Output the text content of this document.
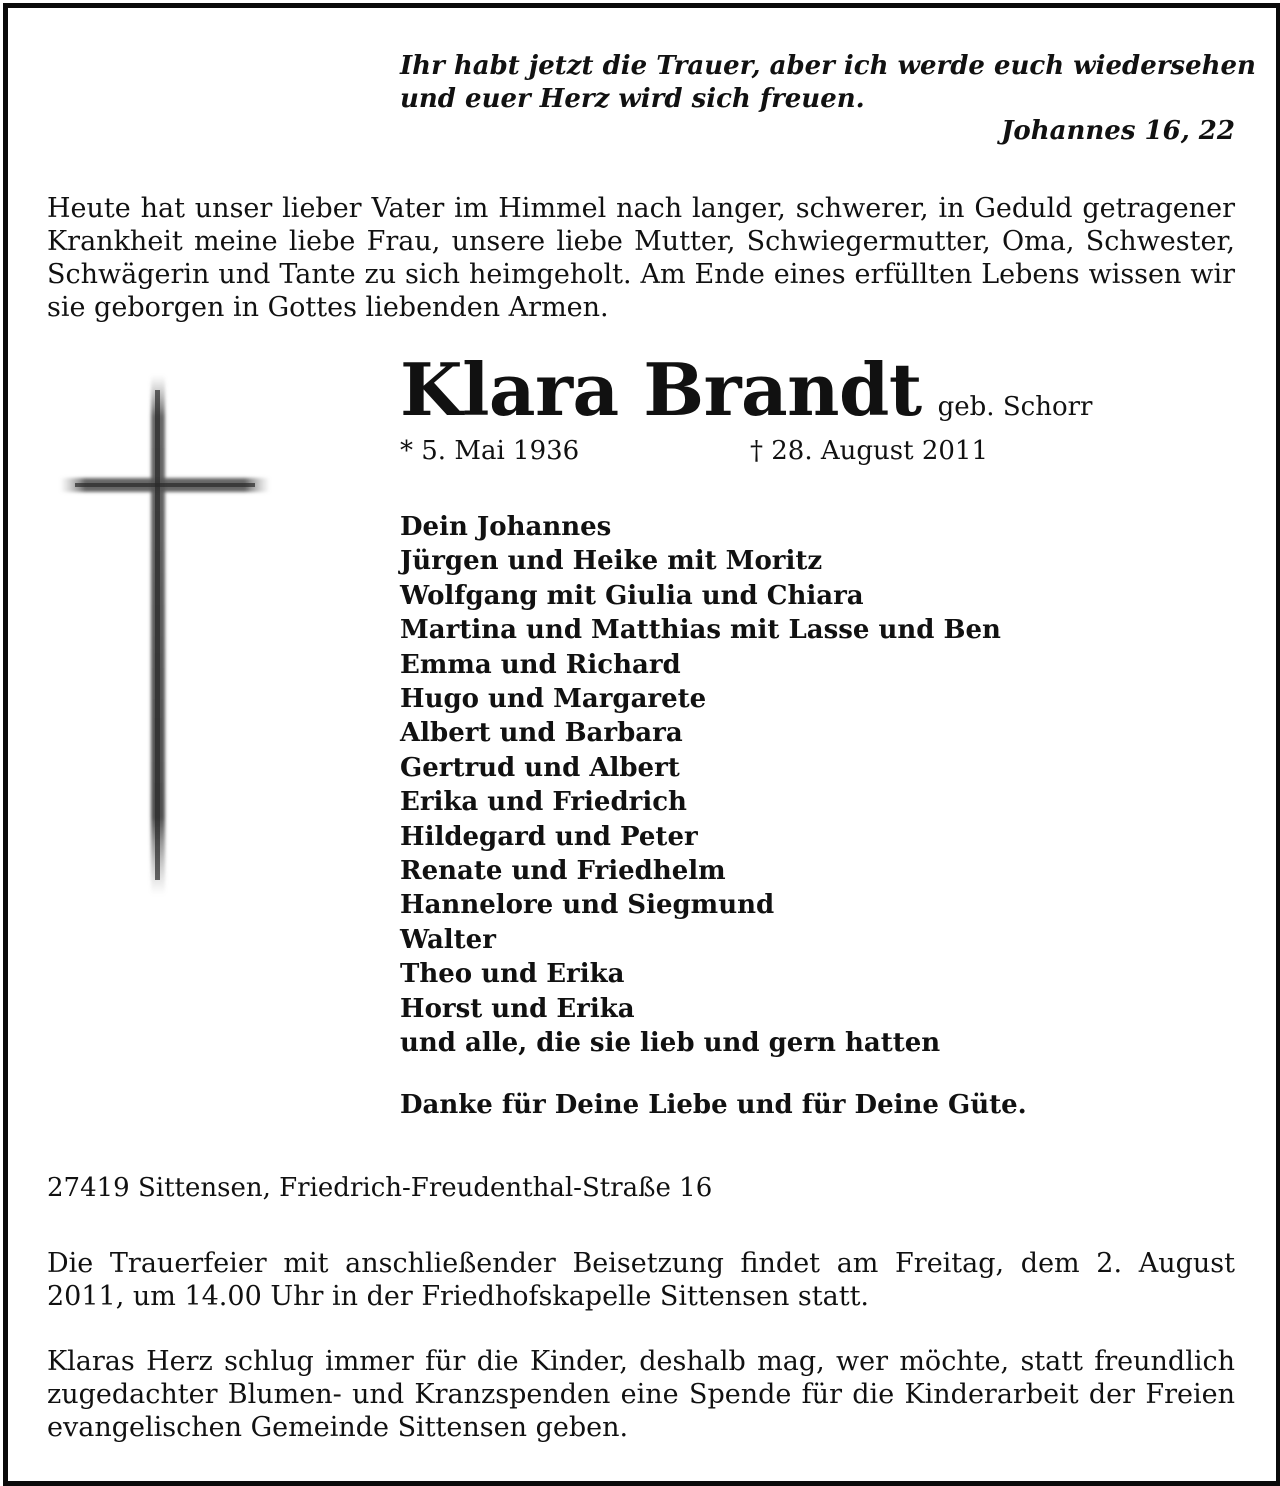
Ihr habt jetzt die Trauer, aber ich werde euch wiedersehen
und euer Herz wird sich freuen.
Johannes 16, 22

Heute hat unser lieber Vater im Himmel nach langer, schwerer, in Geduld getragener Krankheit meine liebe Frau, unsere liebe Mutter, Schwiegermutter, Oma, Schwester, Schwägerin und Tante zu sich heimgeholt. Am Ende eines erfüllten Lebens wissen wir sie geborgen in Gottes liebenden Armen.

Klara Brandt geb. Schorr
* 5. Mai 1936	† 28. August 2011
Dein Johannes
Jürgen und Heike mit Moritz
Wolfgang mit Giulia und Chiara
Martina und Matthias mit Lasse und Ben
Emma und Richard
Hugo und Margarete
Albert und Barbara
Gertrud und Albert
Erika und Friedrich
Hildegard und Peter
Renate und Friedhelm
Hannelore und Siegmund
Walter
Theo und Erika
Horst und Erika
und alle, die sie lieb und gern hatten
Danke für Deine Liebe und für Deine Güte.
27419 Sittensen, Friedrich-Freudenthal-Straße 16

Die Trauerfeier mit anschließender Beisetzung findet am Freitag, dem 2. August 2011, um 14.00 Uhr in der Friedhofskapelle Sittensen statt.

Klaras Herz schlug immer für die Kinder, deshalb mag, wer möchte, statt freundlich zugedachter Blumen- und Kranzspenden eine Spende für die Kinderarbeit der Freien evangelischen Gemeinde Sittensen geben.
